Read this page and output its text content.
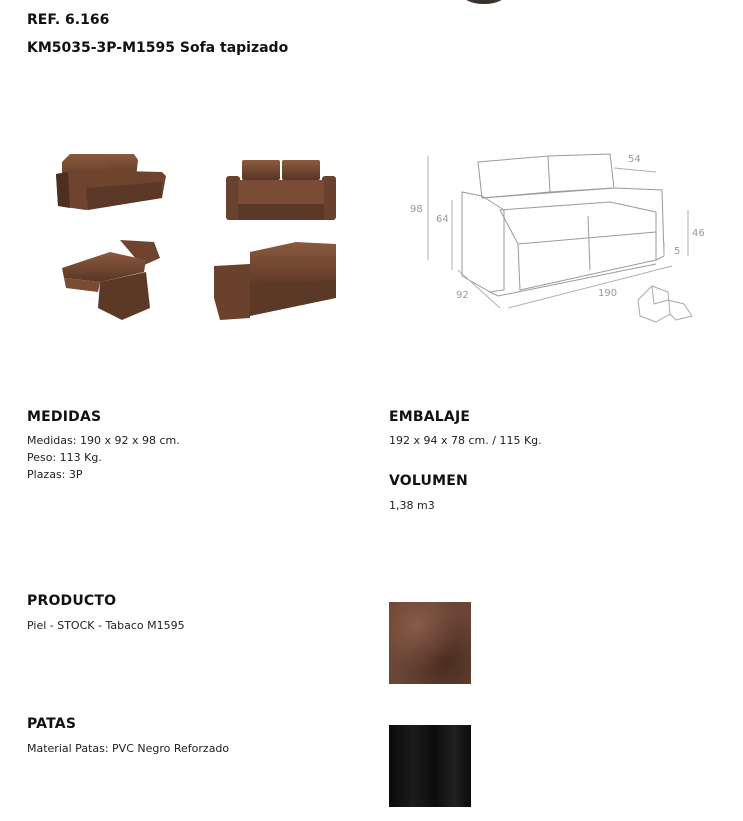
REF. 6.166
KM5035-3P-M1595 Sofa tapizado
98
64
54
46
5
92	190
MEDIDAS
Medidas: 190 x 92 x 98 cm.
Peso: 113 Kg.
Plazas: 3P
EMBALAJE
192 x 94 x 78 cm. / 115 Kg.
VOLUMEN
1,38 m3
PRODUCTO
Piel - STOCK - Tabaco M1595
PATAS
Material Patas: PVC Negro Reforzado
